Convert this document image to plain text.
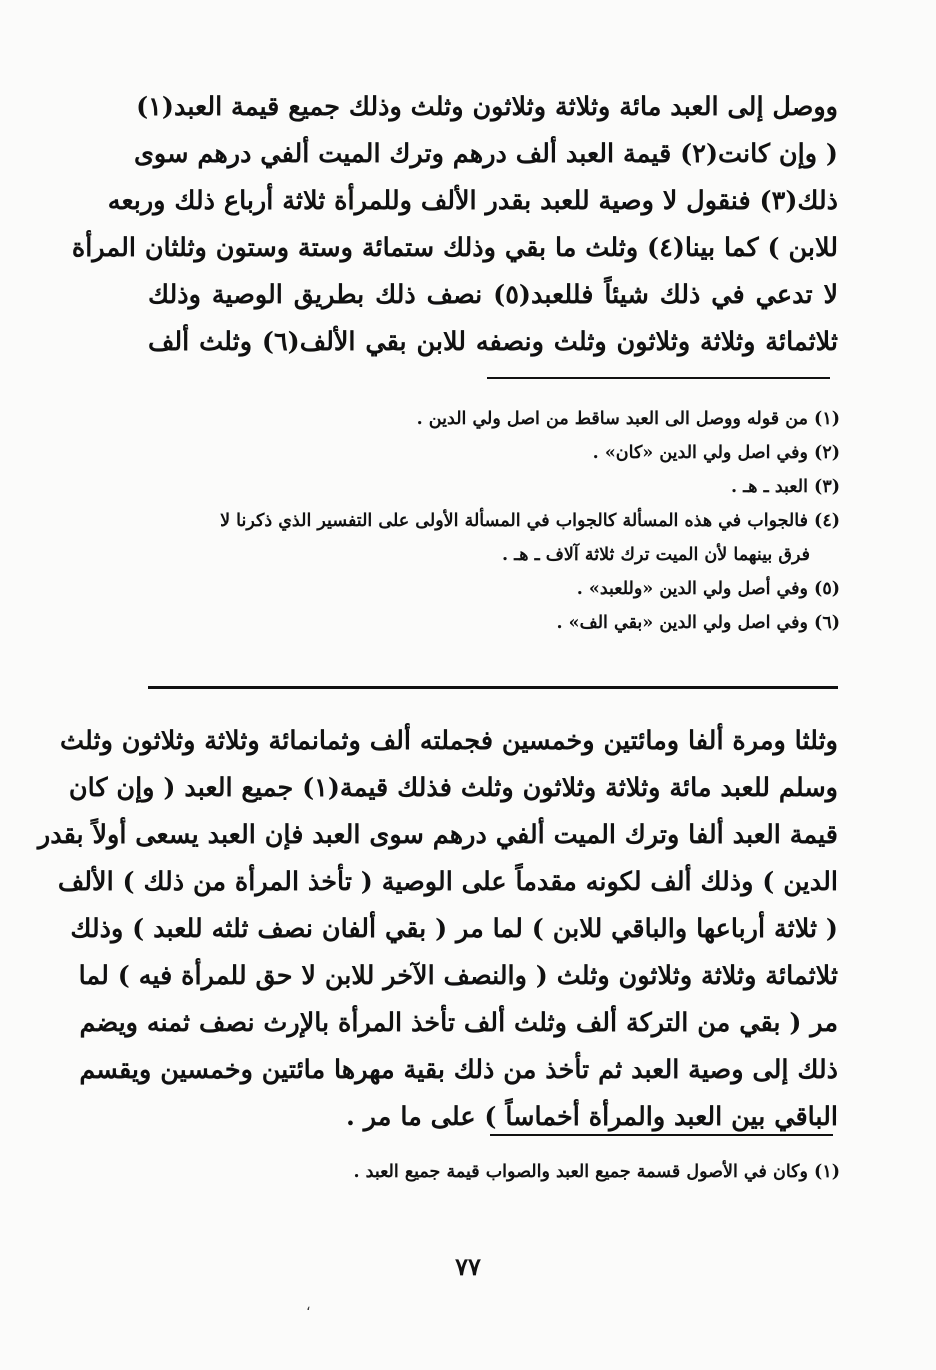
ووصل إلى العبد مائة وثلاثة وثلاثون وثلث وذلك جميع قيمة العبد(١)

( وإن كانت(٢) قيمة العبد ألف درهم وترك الميت ألفي درهم سوى

ذلك(٣) فنقول لا وصية للعبد بقدر الألف وللمرأة ثلاثة أرباع ذلك وربعه

للابن ) كما بينا(٤) وثلث ما بقي وذلك ستمائة وستة وستون وثلثان المرأة

لا تدعي في ذلك شيئاً فللعبد(٥) نصف ذلك بطريق الوصية وذلك

ثلاثمائة وثلاثة وثلاثون وثلث ونصفه للابن بقي الألف(٦) وثلث ألف

(١) من قوله ووصل الى العبد ساقط من اصل ولي الدين .

(٢) وفي اصل ولي الدين «كان» .

(٣) العبد ـ هـ .

(٤) فالجواب في هذه المسألة كالجواب في المسألة الأولى على التفسير الذي ذكرنا لا

فرق بينهما لأن الميت ترك ثلاثة آلاف ـ هـ .

(٥) وفي أصل ولي الدين «وللعبد» .

(٦) وفي اصل ولي الدين «بقي الف» .

وثلثا ومرة ألفا ومائتين وخمسين فجملته ألف وثمانمائة وثلاثة وثلاثون وثلث

وسلم للعبد مائة وثلاثة وثلاثون وثلث فذلك قيمة(١) جميع العبد ( وإن كان

قيمة العبد ألفا وترك الميت ألفي درهم سوى العبد فإن العبد يسعى أولاً بقدر

الدين ) وذلك ألف لكونه مقدماً على الوصية ( تأخذ المرأة من ذلك ) الألف

( ثلاثة أرباعها والباقي للابن ) لما مر ( بقي ألفان نصف ثلثه للعبد ) وذلك

ثلاثمائة وثلاثة وثلاثون وثلث ( والنصف الآخر للابن لا حق للمرأة فيه ) لما

مر ( بقي من التركة ألف وثلث ألف تأخذ المرأة بالإرث نصف ثمنه ويضم

ذلك إلى وصية العبد ثم تأخذ من ذلك بقية مهرها مائتين وخمسين ويقسم

الباقي بين العبد والمرأة أخماساً ) على ما مر .

(١) وكان في الأصول قسمة جميع العبد والصواب قيمة جميع العبد .

٧٧
،
